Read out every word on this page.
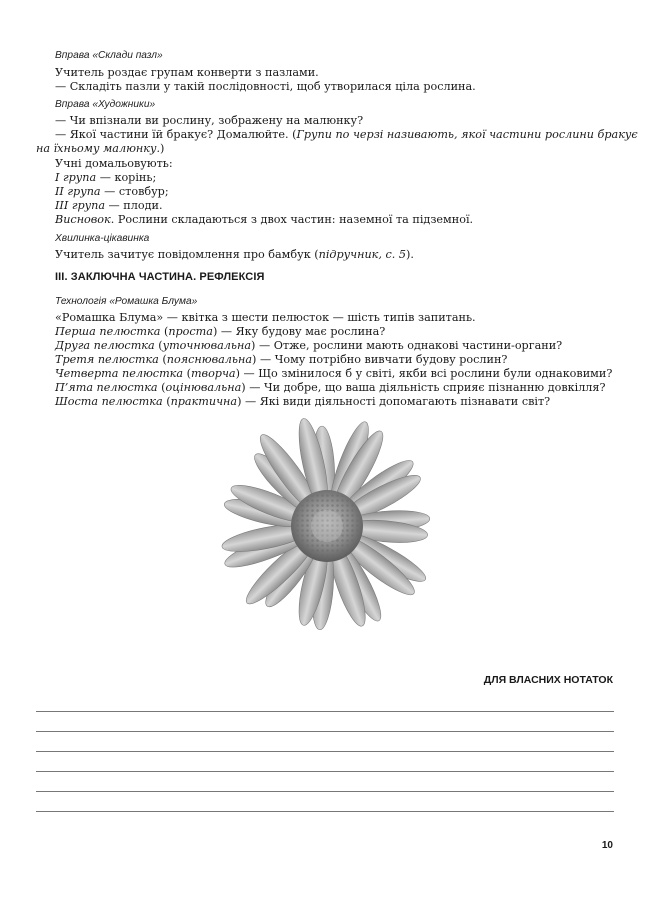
Вправа «Склади пазл»
Учитель роздає групам конверти з пазлами.
— Складіть пазли у такій послідовності, щоб утворилася ціла рослина.
Вправа «Художники»
— Чи впізнали ви рослину, зображену на малюнку?
— Якої частини їй бракує? Домалюйте. (Групи по черзі називають, якої частини рослини бракує
на їхньому малюнку.)
Учні домальовують:
I група — корінь;
II група — стовбур;
III група — плоди.
Висновок. Рослини складаються з двох частин: наземної та підземної.
Хвилинка-цікавинка
Учитель зачитує повідомлення про бамбук (підручник, с. 5).
III. ЗАКЛЮЧНА ЧАСТИНА. РЕФЛЕКСІЯ
Технологія «Ромашка Блума»
«Ромашка Блума» — квітка з шести пелюсток — шість типів запитань.
Перша пелюстка (проста) — Яку будову має рослина?
Друга пелюстка (уточнювальна) — Отже, рослини мають однакові частини-органи?
Третя пелюстка (пояснювальна) — Чому потрібно вивчати будову рослин?
Четверта пелюстка (творча) — Що змінилося б у світі, якби всі рослини були однаковими?
П’ята пелюстка (оцінювальна) — Чи добре, що ваша діяльність сприяє пізнанню довкілля?
Шоста пелюстка (практична) — Які види діяльності допомагають пізнавати світ?
ДЛЯ ВЛАСНИХ НОТАТОК
10
